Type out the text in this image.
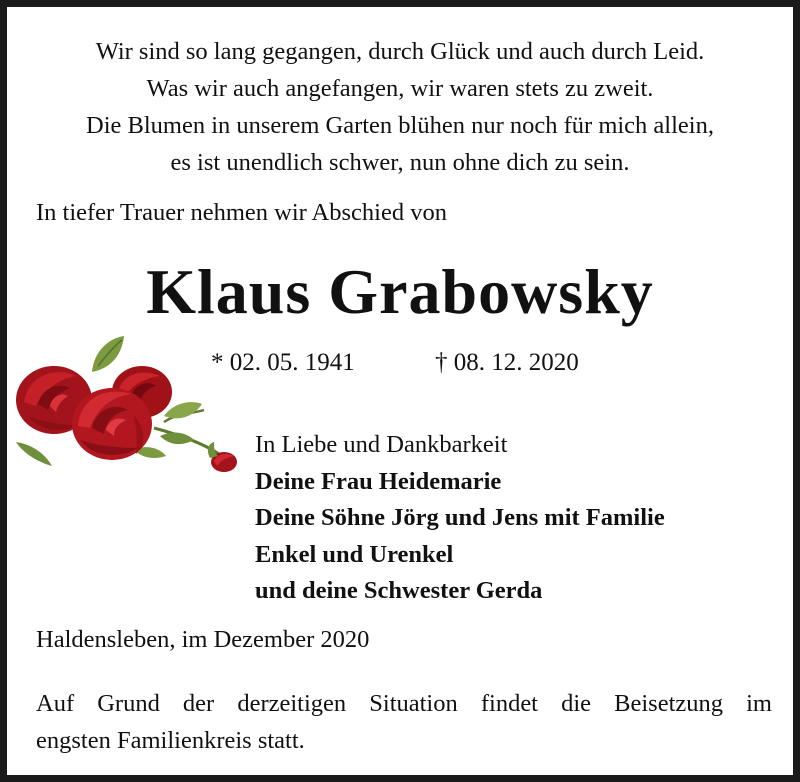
Wir sind so lang gegangen, durch Glück und auch durch Leid.
Was wir auch angefangen, wir waren stets zu zweit.
Die Blumen in unserem Garten blühen nur noch für mich allein,
es ist unendlich schwer, nun ohne dich zu sein.
In tiefer Trauer nehmen wir Abschied von
Klaus Grabowsky
* 02. 05. 1941	† 08. 12. 2020
In Liebe und Dankbarkeit
Deine Frau Heidemarie
Deine Söhne Jörg und Jens mit Familie
Enkel und Urenkel
und deine Schwester Gerda
Haldensleben, im Dezember 2020
Auf Grund der derzeitigen Situation findet die Beisetzung im
engsten Familienkreis statt.
